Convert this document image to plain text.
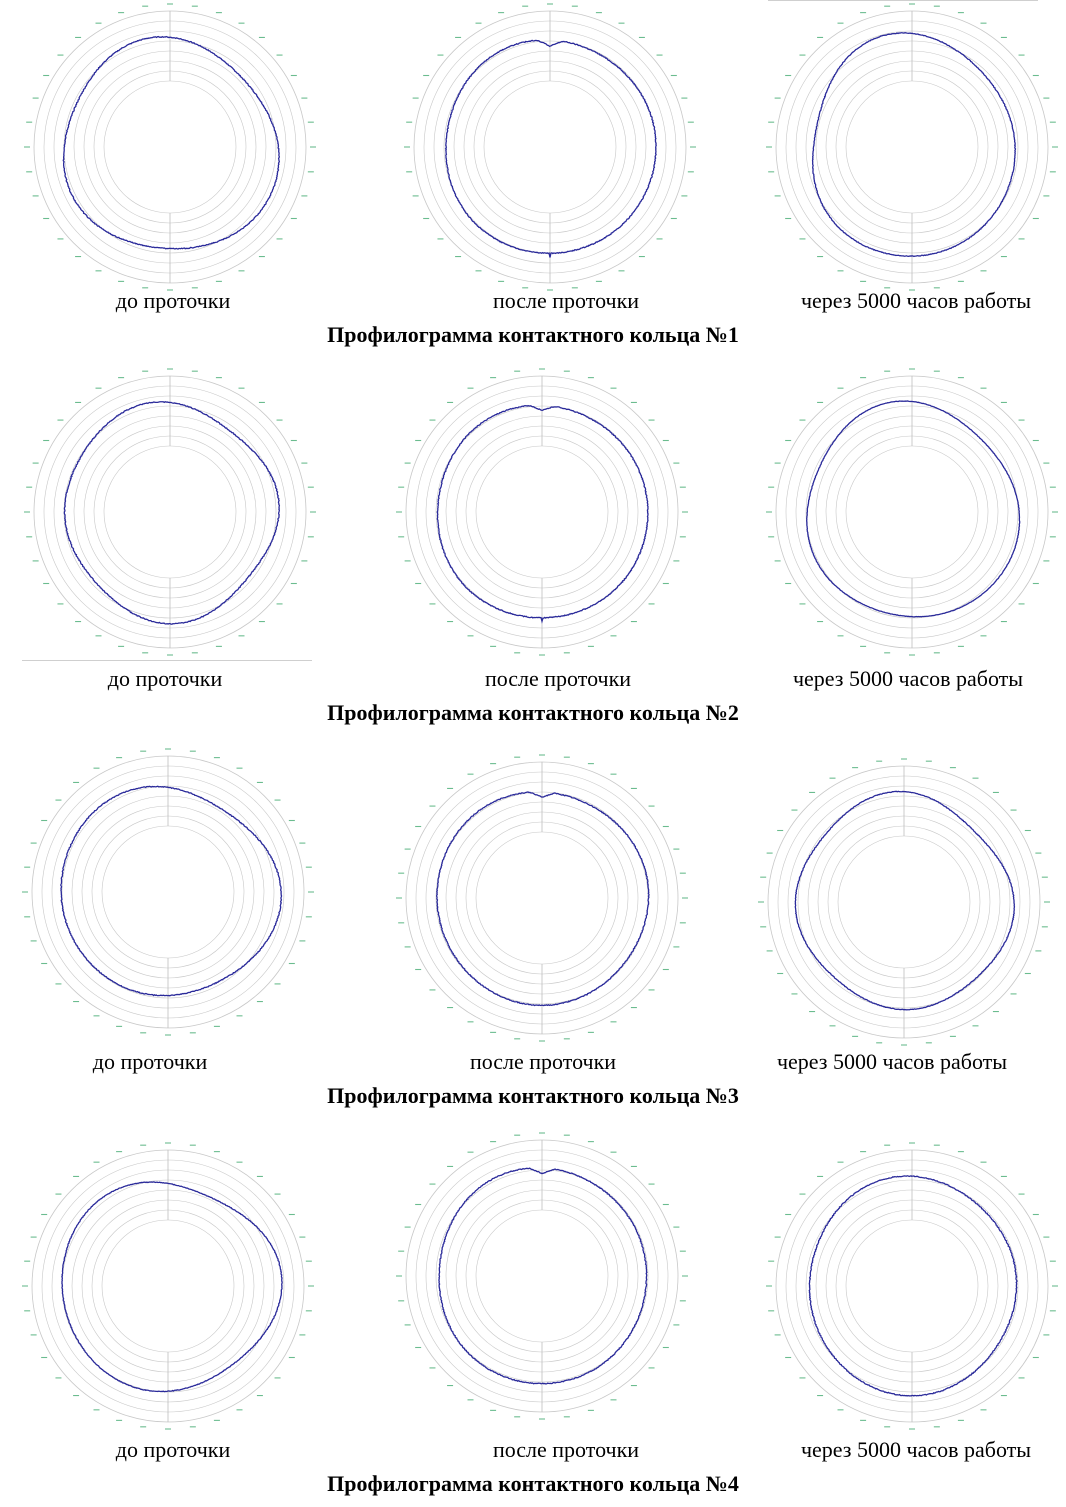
до проточки	после проточки	через 5000 часов работы
Профилограмма контактного кольца №1
до проточки	после проточки	через 5000 часов работы
Профилограмма контактного кольца №2
до проточки	после проточки	через 5000 часов работы
Профилограмма контактного кольца №3
до проточки	после проточки	через 5000 часов работы
Профилограмма контактного кольца №4
